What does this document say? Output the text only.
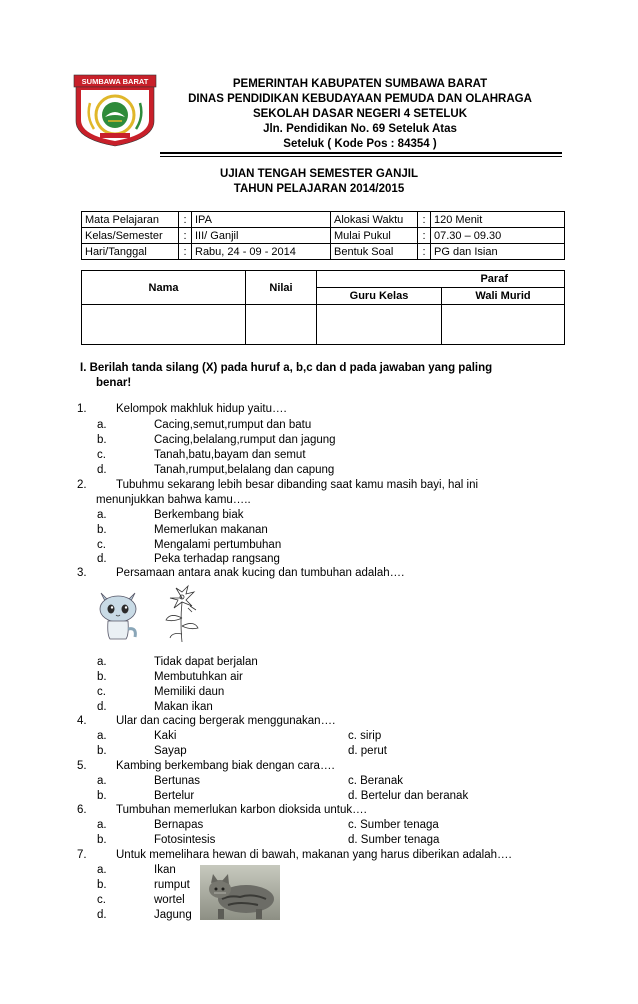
SUMBAWA BARAT	PEMERINTAH KABUPATEN SUMBAWA BARAT
DINAS PENDIDIKAN KEBUDAYAAN PEMUDA DAN OLAHRAGA
SEKOLAH DASAR NEGERI 4 SETELUK
Jln. Pendidikan No. 69 Seteluk Atas
Seteluk ( Kode Pos : 84354 )
UJIAN TENGAH SEMESTER GANJIL
TAHUN PELAJARAN 2014/2015
Mata Pelajaran	:	IPA	Alokasi Waktu	:	120 Menit
Kelas/Semester	:	III/ Ganjil	Mulai Pukul	:	07.30 – 09.30
Hari/Tanggal	:	Rabu, 24 - 09 - 2014	Bentuk Soal	:	PG dan Isian
Nama	Nilai	Paraf	
		Guru Kelas	Wali Murid

I. Berilah tanda silang (X) pada huruf a, b,c dan d pada jawaban yang paling
benar!
1.	Kelompok makhluk hidup yaitu….
a.	Cacing,semut,rumput dan batu
b.	Cacing,belalang,rumput dan jagung
c.	Tanah,batu,bayam dan semut
d.	Tanah,rumput,belalang dan capung
2.	Tubuhmu sekarang lebih besar dibanding saat kamu masih bayi, hal ini
menunjukkan bahwa kamu…..
a.	Berkembang biak
b.	Memerlukan makanan
c.	Mengalami pertumbuhan
d.	Peka terhadap rangsang
3.	Persamaan antara anak kucing dan tumbuhan adalah….
a.	Tidak dapat berjalan
b.	Membutuhkan air
c.	Memiliki daun
d.	Makan ikan
4.	Ular dan cacing bergerak menggunakan….
a.	Kaki	c. sirip
b.	Sayap	d. perut
5.	Kambing berkembang biak dengan cara….
a.	Bertunas	c. Beranak
b.	Bertelur	d. Bertelur dan beranak
6.	Tumbuhan memerlukan karbon dioksida untuk….
a.	Bernapas	c. Sumber tenaga
b.	Fotosintesis	d. Sumber tenaga
7.	Untuk memelihara hewan di bawah, makanan yang harus diberikan adalah….
a.	Ikan
b.	rumput
c.	wortel
d.	Jagung
